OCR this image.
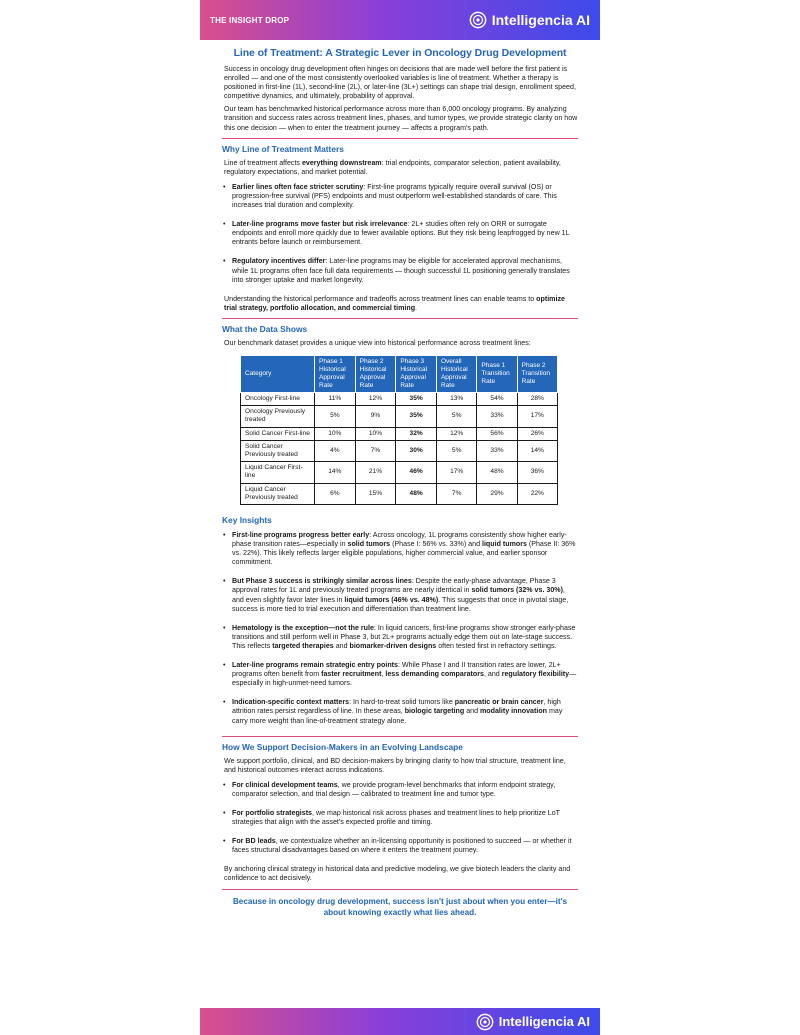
THE INSIGHT DROP	Intelligencia AI
Line of Treatment: A Strategic Lever in Oncology Drug Development

Success in oncology drug development often hinges on decisions that are made well before the first patient is enrolled — and one of the most consistently overlooked variables is line of treatment. Whether a therapy is positioned in first-line (1L), second-line (2L), or later-line (3L+) settings can shape trial design, enrollment speed, competitive dynamics, and ultimately, probability of approval.

Our team has benchmarked historical performance across more than 6,000 oncology programs. By analyzing transition and success rates across treatment lines, phases, and tumor types, we provide strategic clarity on how this one decision — when to enter the treatment journey — affects a program's path.

Why Line of Treatment Matters

Line of treatment affects everything downstream: trial endpoints, comparator selection, patient availability, regulatory expectations, and market potential.

• Earlier lines often face stricter scrutiny: First-line programs typically require overall survival (OS) or progression-free survival (PFS) endpoints and must outperform well-established standards of care. This increases trial duration and complexity.
• Later-line programs move faster but risk irrelevance: 2L+ studies often rely on ORR or surrogate endpoints and enroll more quickly due to fewer available options. But they risk being leapfrogged by new 1L entrants before launch or reimbursement.
• Regulatory incentives differ: Later-line programs may be eligible for accelerated approval mechanisms, while 1L programs often face full data requirements — though successful 1L positioning generally translates into stronger uptake and market longevity.

Understanding the historical performance and tradeoffs across treatment lines can enable teams to optimize trial strategy, portfolio allocation, and commercial timing.

What the Data Shows

Our benchmark dataset provides a unique view into historical performance across treatment lines:

Category	Phase 1 Historical Approval Rate	Phase 2 Historical Approval Rate	Phase 3 Historical Approval Rate	Overall Historical Approval Rate	Phase 1 Transition Rate	Phase 2 Transition Rate
Oncology First-line	11%	12%	35%	13%	54%	28%
Oncology Previously treated	5%	9%	35%	5%	33%	17%
Solid Cancer First-line	10%	10%	32%	12%	56%	26%
Solid Cancer Previously treated	4%	7%	30%	5%	33%	14%
Liquid Cancer First-line	14%	21%	46%	17%	48%	36%
Liquid Cancer Previously treated	6%	15%	48%	7%	29%	22%
Key Insights
• First-line programs progress better early: Across oncology, 1L programs consistently show higher early-phase transition rates—especially in solid tumors (Phase I: 56% vs. 33%) and liquid tumors (Phase II: 36% vs. 22%). This likely reflects larger eligible populations, higher commercial value, and earlier sponsor commitment.
• But Phase 3 success is strikingly similar across lines: Despite the early-phase advantage, Phase 3 approval rates for 1L and previously treated programs are nearly identical in solid tumors (32% vs. 30%), and even slightly favor later lines in liquid tumors (46% vs. 48%). This suggests that once in pivotal stage, success is more tied to trial execution and differentiation than treatment line.
• Hematology is the exception—not the rule: In liquid cancers, first-line programs show stronger early-phase transitions and still perform well in Phase 3, but 2L+ programs actually edge them out on late-stage success. This reflects targeted therapies and biomarker-driven designs often tested first in refractory settings.
• Later-line programs remain strategic entry points: While Phase I and II transition rates are lower, 2L+ programs often benefit from faster recruitment, less demanding comparators, and regulatory flexibility—especially in high-unmet-need tumors.
• Indication-specific context matters: In hard-to-treat solid tumors like pancreatic or brain cancer, high attrition rates persist regardless of line. In these areas, biologic targeting and modality innovation may carry more weight than line-of-treatment strategy alone.
How We Support Decision-Makers in an Evolving Landscape

We support portfolio, clinical, and BD decision-makers by bringing clarity to how trial structure, treatment line, and historical outcomes interact across indications.

• For clinical development teams, we provide program-level benchmarks that inform endpoint strategy, comparator selection, and trial design — calibrated to treatment line and tumor type.
• For portfolio strategists, we map historical risk across phases and treatment lines to help prioritize LoT strategies that align with the asset's expected profile and timing.
• For BD leads, we contextualize whether an in-licensing opportunity is positioned to succeed — or whether it faces structural disadvantages based on where it enters the treatment journey.

By anchoring clinical strategy in historical data and predictive modeling, we give biotech leaders the clarity and confidence to act decisively.

Because in oncology drug development, success isn't just about when you enter—it's about knowing exactly what lies ahead.
Intelligencia AI
